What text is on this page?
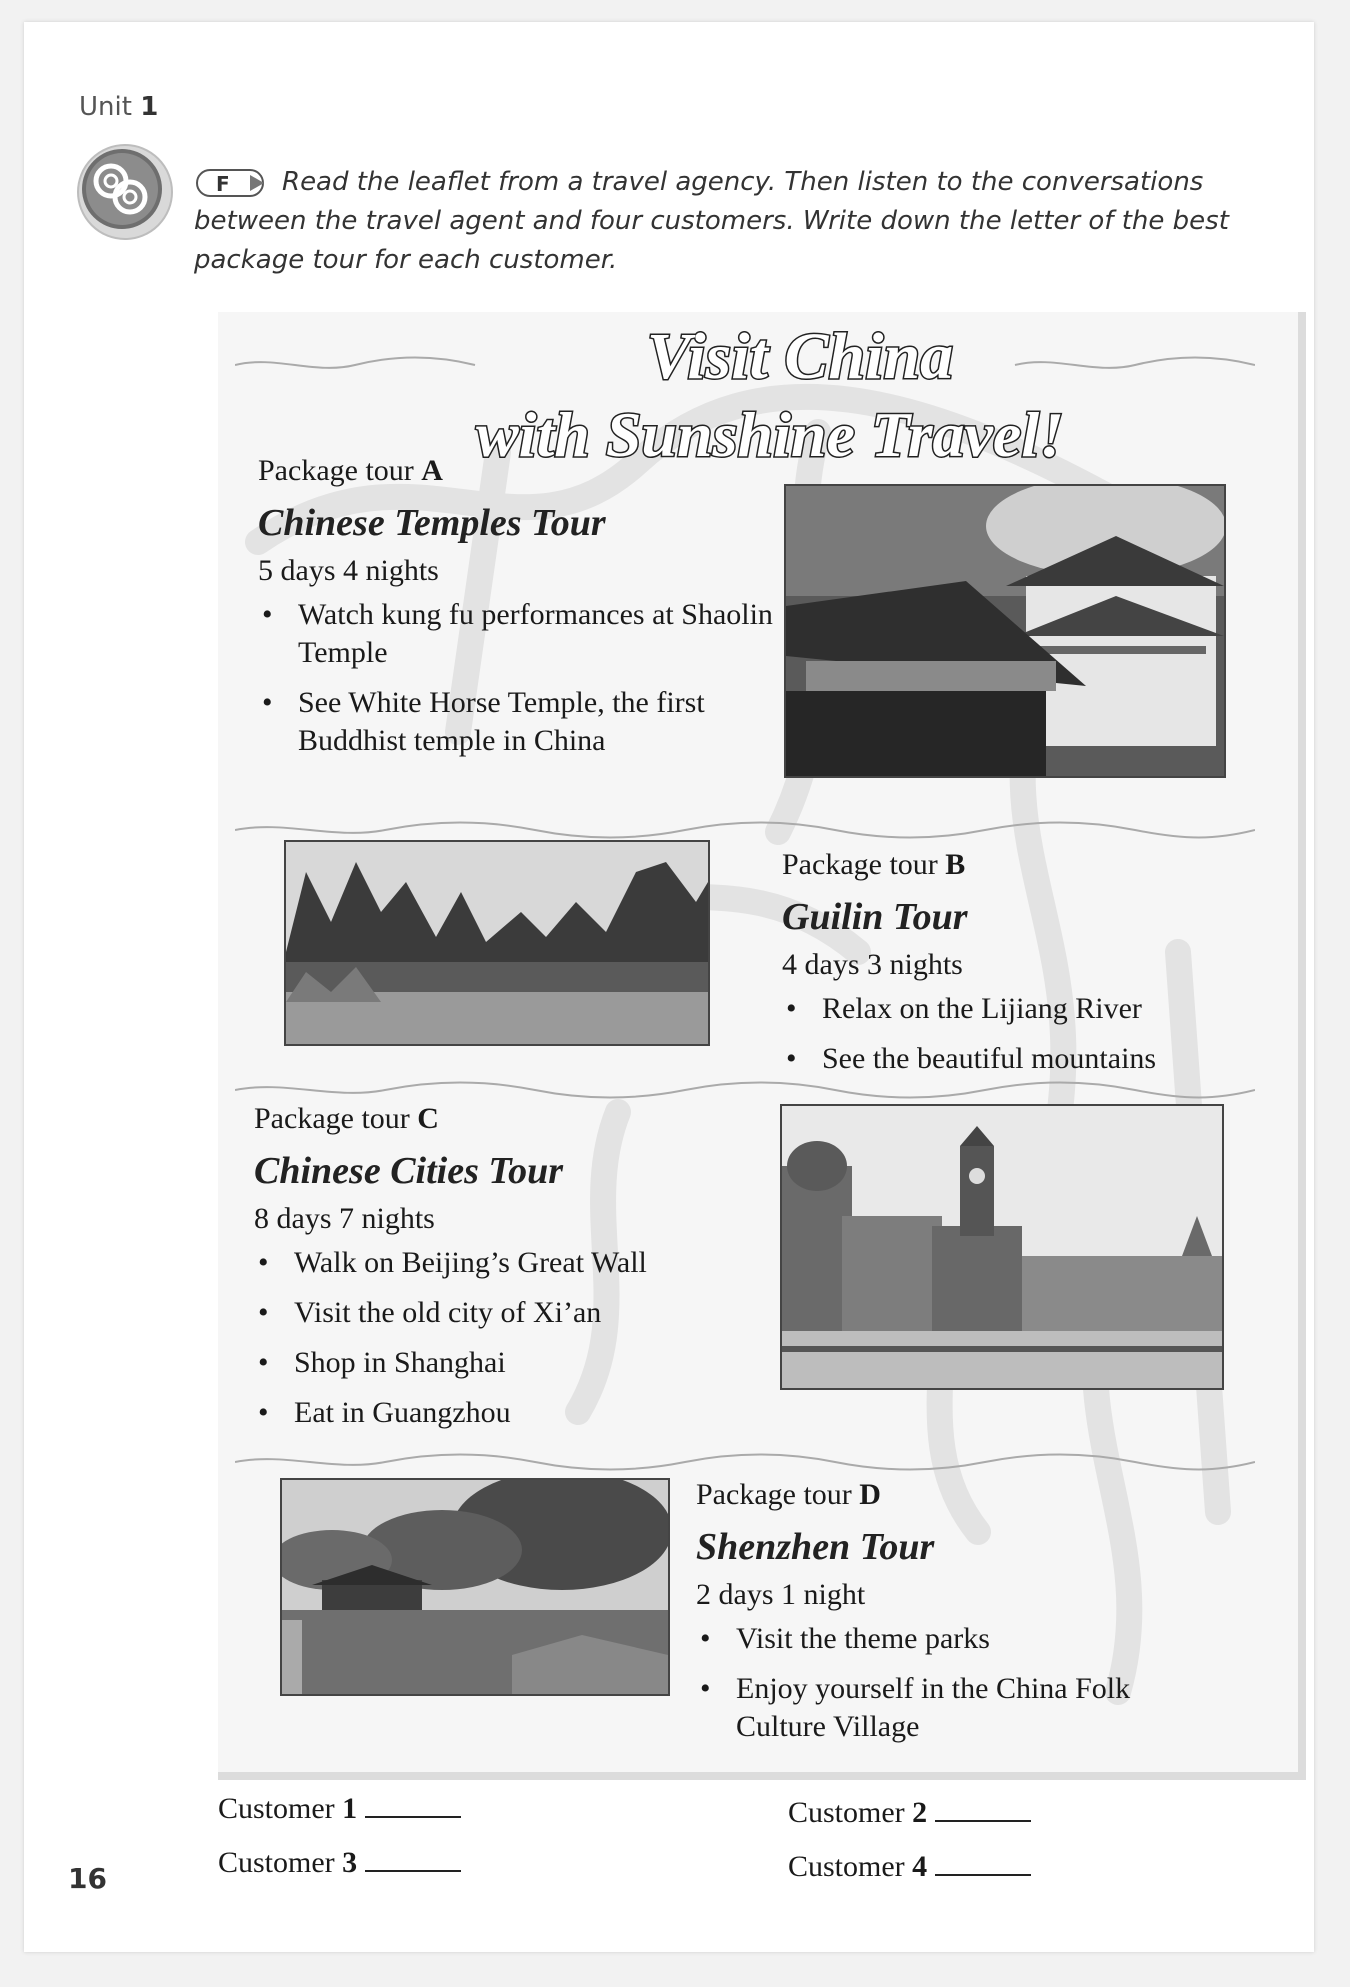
Unit 1
F	Read the leaflet from a travel agency. Then listen to the conversations between the travel agent and four customers. Write down the letter of the best package tour for each customer.

Visit China
with Sunshine Travel!
Package tour A
Chinese Temples Tour
5 days 4 nights
• Watch kung fu performances at Shaolin Temple
• See White Horse Temple, the first Buddhist temple in China
Package tour B
Guilin Tour
4 days 3 nights
• Relax on the Lijiang River
• See the beautiful mountains
Package tour C
Chinese Cities Tour
8 days 7 nights
• Walk on Beijing’s Great Wall
• Visit the old city of Xi’an
• Shop in Shanghai
• Eat in Guangzhou
Package tour D
Shenzhen Tour
2 days 1 night
• Visit the theme parks
• Enjoy yourself in the China Folk Culture Village
Customer 1	Customer 2
Customer 3	Customer 4
16
